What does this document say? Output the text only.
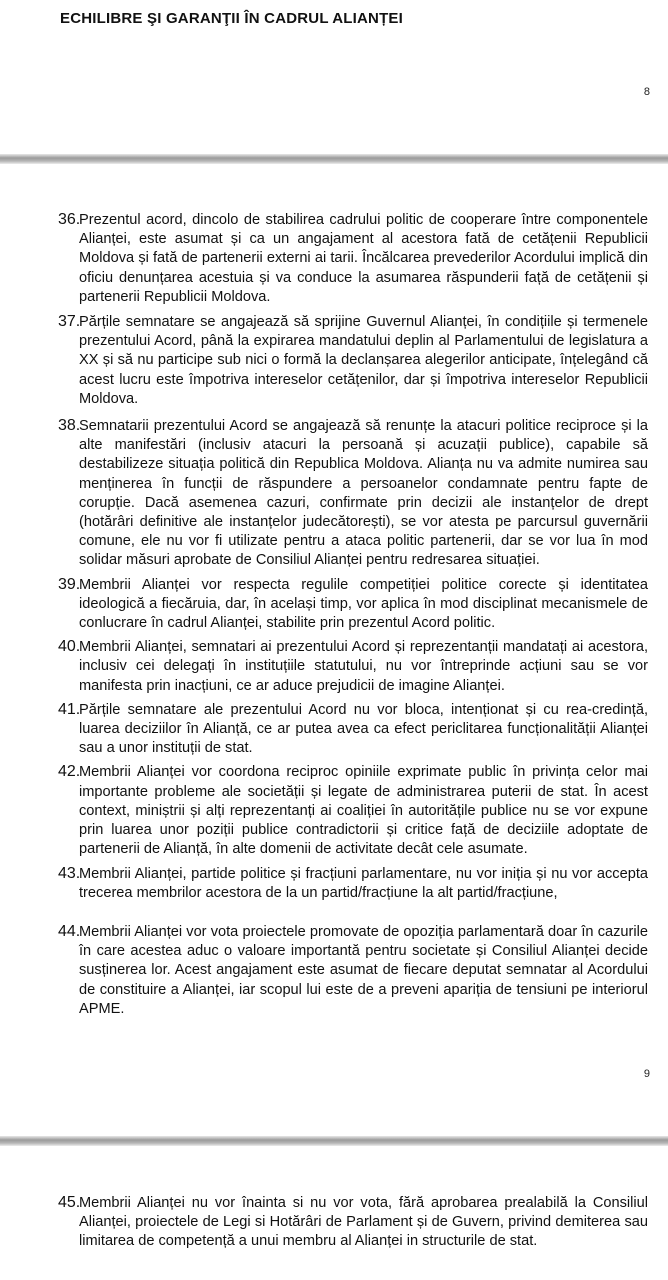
ECHILIBRE ŞI GARANŢII ÎN CADRUL ALIANȚEI
8

36.
Prezentul acord, dincolo de stabilirea cadrului politic de cooperare între componentele Alianței, este asumat și ca un angajament al acestora fată de cetățenii Republicii Moldova și fată de partenerii externi ai tarii. Încălcarea prevederilor Acordului implică din oficiu denunțarea acestuia și va conduce la asumarea răspunderii față de cetățenii și partenerii Republicii Moldova.

37.
Părțile semnatare se angajează să sprijine Guvernul Alianței, în condițiile și termenele prezentului Acord, până la expirarea mandatului deplin al Parlamentului de legislatura a XX și să nu participe sub nici o formă la declanșarea alegerilor anticipate, înțelegând că acest lucru este împotriva intereselor cetățenilor, dar și împotriva intereselor Republicii Moldova.

38.
Semnatarii prezentului Acord se angajează să renunțe la atacuri politice reciproce și la alte manifestări (inclusiv atacuri la persoană și acuzații publice), capabile să destabilizeze situația politică din Republica Moldova. Alianța nu va admite numirea sau menținerea în funcții de răspundere a persoanelor condamnate pentru fapte de corupție. Dacă asemenea cazuri, confirmate prin decizii ale instanțelor de drept (hotărâri definitive ale instanțelor judecătorești), se vor atesta pe parcursul guvernării comune, ele nu vor fi utilizate pentru a ataca politic partenerii, dar se vor lua în mod solidar măsuri aprobate de Consiliul Alianței pentru redresarea situației.

39.
Membrii Alianței vor respecta regulile competiției politice corecte și identitatea ideologică a fiecăruia, dar, în același timp, vor aplica în mod disciplinat mecanismele de conlucrare în cadrul Alianței, stabilite prin prezentul Acord politic.

40.
Membrii Alianței, semnatari ai prezentului Acord și reprezentanții mandatați ai acestora, inclusiv cei delegați în instituțiile statutului, nu vor întreprinde acțiuni sau se vor manifesta prin inacțiuni, ce ar aduce prejudicii de imagine Alianței.

41.
Părțile semnatare ale prezentului Acord nu vor bloca, intenționat și cu rea-credință, luarea deciziilor în Alianță, ce ar putea avea ca efect periclitarea funcționalității Alianței sau a unor instituții de stat.

42.
Membrii Alianței vor coordona reciproc opiniile exprimate public în privința celor mai importante probleme ale societății și legate de administrarea puterii de stat. În acest context, miniștrii și alți reprezentanți ai coaliției în autoritățile publice nu se vor expune prin luarea unor poziții publice contradictorii și critice față de deciziile adoptate de partenerii de Alianță, în alte domenii de activitate decât cele asumate.

43.
Membrii Alianței, partide politice și fracțiuni parlamentare, nu vor iniția și nu vor accepta trecerea membrilor acestora de la un partid/fracțiune la alt partid/fracțiune,

44.
Membrii Alianței vor vota proiectele promovate de opoziția parlamentară doar în cazurile în care acestea aduc o valoare importantă pentru societate și Consiliul Alianței decide susținerea lor. Acest angajament este asumat de fiecare deputat semnatar al Acordului de constituire a Alianței, iar scopul lui este de a preveni apariția de tensiuni pe interiorul APME.

9

45.
Membrii Alianței nu vor înainta si nu vor vota, fără aprobarea prealabilă la Consiliul Alianței, proiectele de Legi si Hotărâri de Parlament și de Guvern, privind demiterea sau limitarea de competență a unui membru al Alianței in structurile de stat.
